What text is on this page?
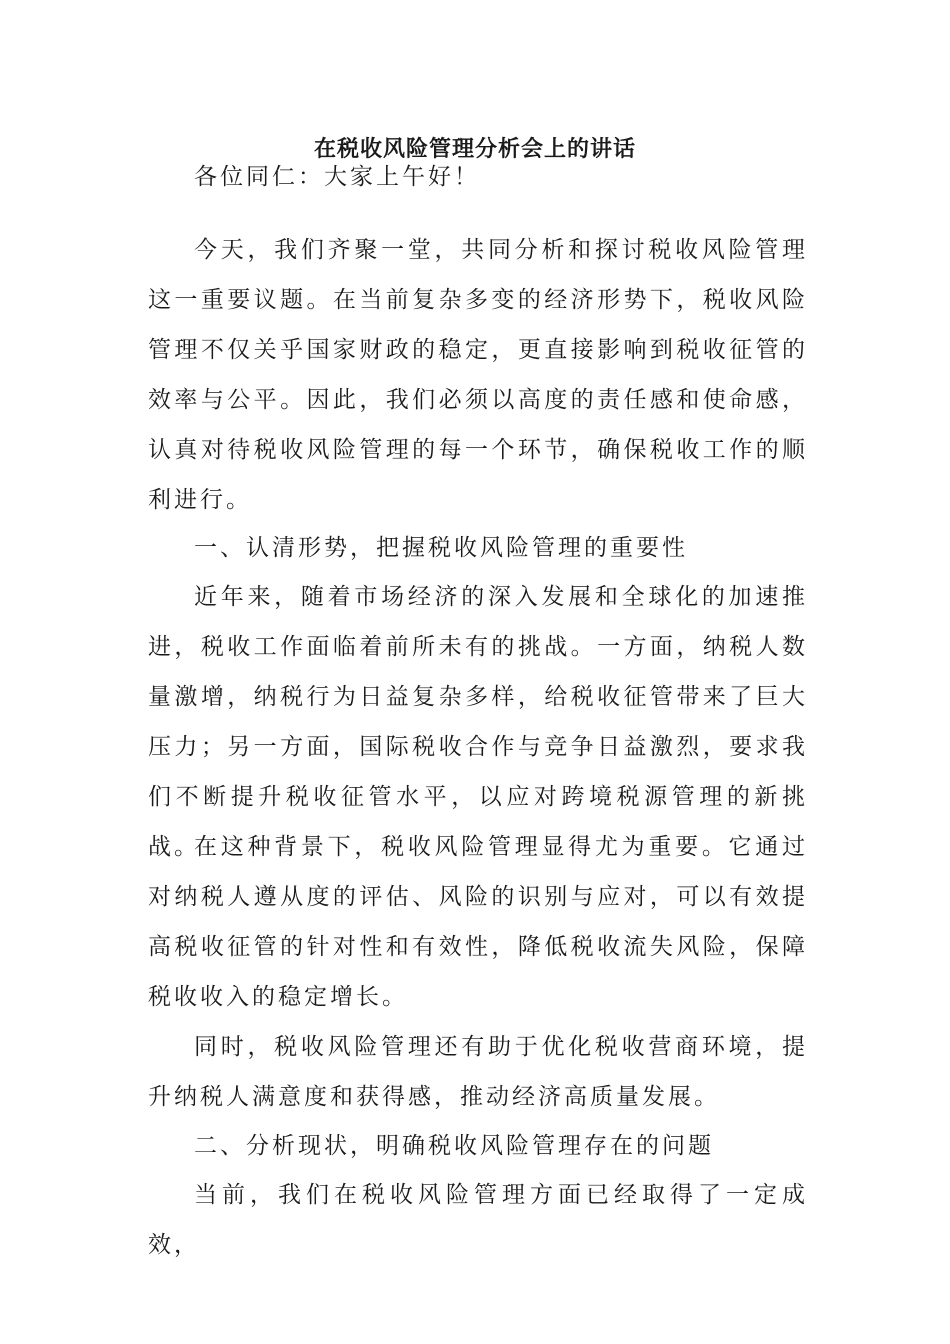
在税收风险管理分析会上的讲话

各位同仁：大家上午好！

今天，我们齐聚一堂，共同分析和探讨税收风险管理这一重要议题。在当前复杂多变的经济形势下，税收风险管理不仅关乎国家财政的稳定，更直接影响到税收征管的效率与公平。因此，我们必须以高度的责任感和使命感，认真对待税收风险管理的每一个环节，确保税收工作的顺利进行。

一、认清形势，把握税收风险管理的重要性

近年来，随着市场经济的深入发展和全球化的加速推进，税收工作面临着前所未有的挑战。一方面，纳税人数量激增，纳税行为日益复杂多样，给税收征管带来了巨大压力；另一方面，国际税收合作与竞争日益激烈，要求我们不断提升税收征管水平，以应对跨境税源管理的新挑战。

在这种背景下，税收风险管理显得尤为重要。它通过对纳税人遵从度的评估、风险的识别与应对，可以有效提高税收征管的针对性和有效性，降低税收流失风险，保障税收收入的稳定增长。

同时，税收风险管理还有助于优化税收营商环境，提升纳税人满意度和获得感，推动经济高质量发展。

二、分析现状，明确税收风险管理存在的问题

当前，我们在税收风险管理方面已经取得了一定成效，
